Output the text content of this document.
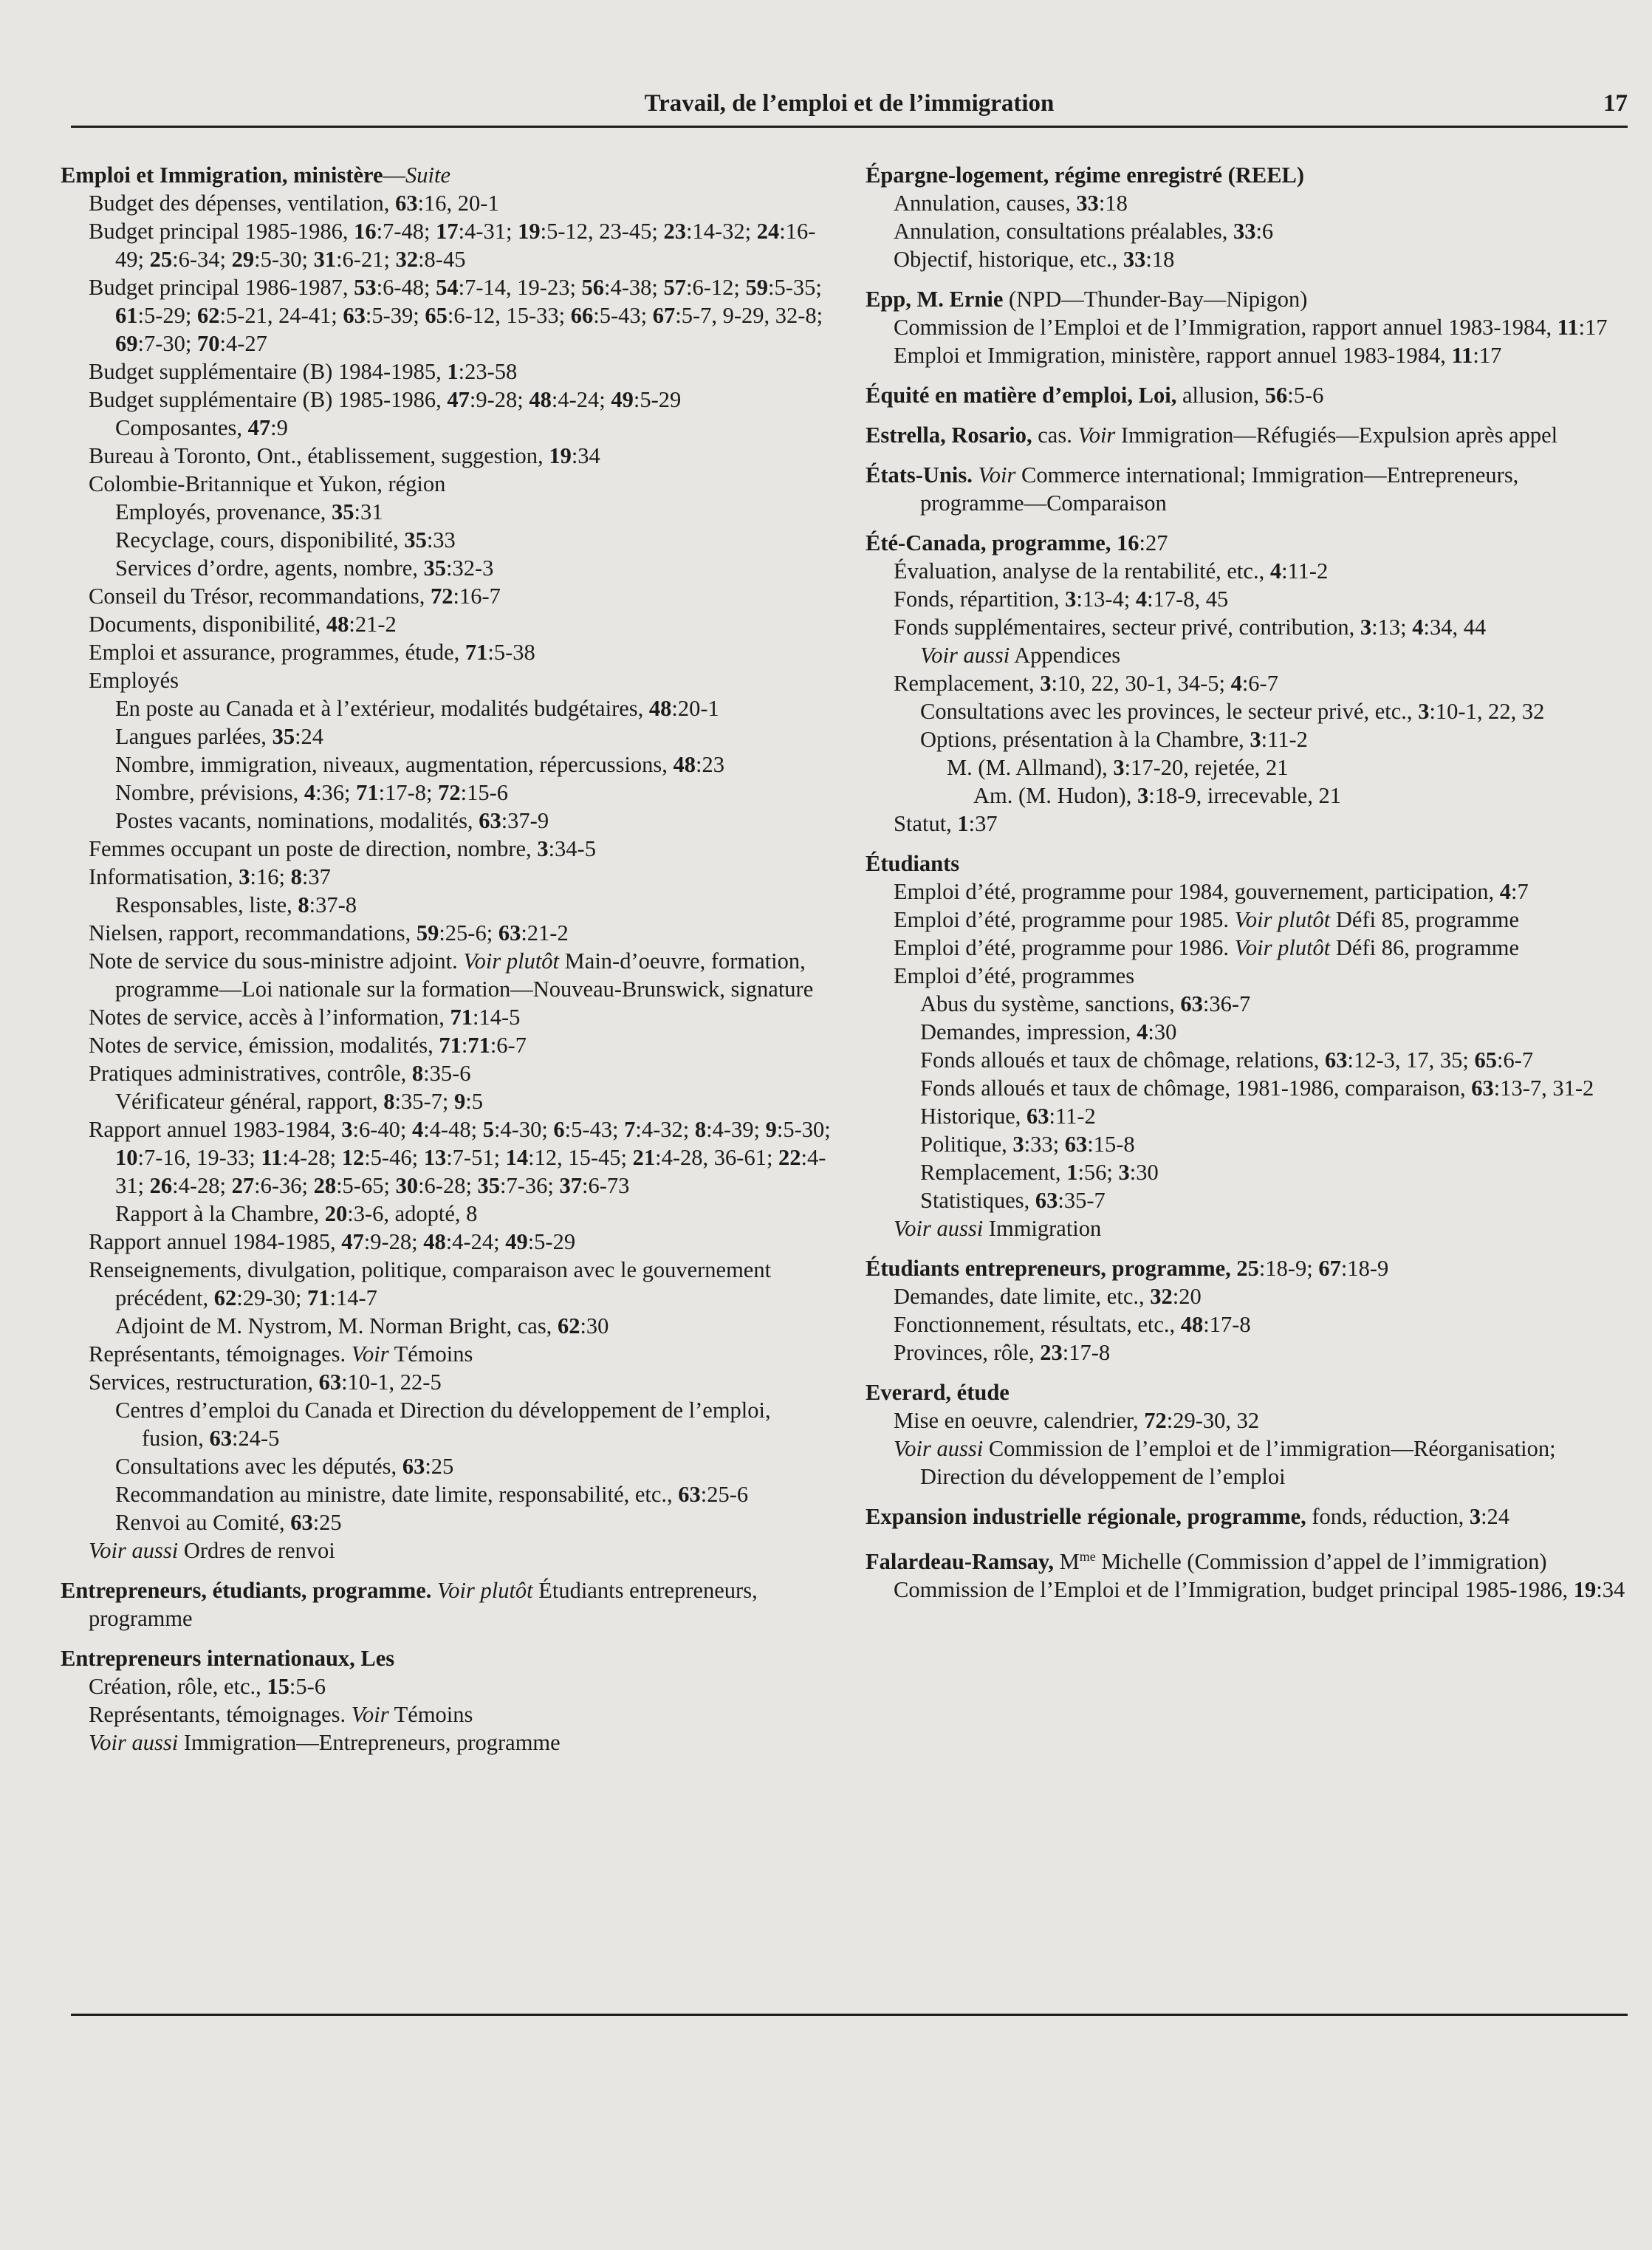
Travail, de l’emploi et de l’immigration	17

Emploi et Immigration, ministère—Suite

Budget des dépenses, ventilation, 63:16, 20-1

Budget principal 1985-1986, 16:7-48; 17:4-31; 19:5-12, 23-45; 23:14-32; 24:16-49; 25:6-34; 29:5-30; 31:6-21; 32:8-45

Budget principal 1986-1987, 53:6-48; 54:7-14, 19-23; 56:4-38; 57:6-12; 59:5-35; 61:5-29; 62:5-21, 24-41; 63:5-39; 65:6-12, 15-33; 66:5-43; 67:5-7, 9-29, 32-8; 69:7-30; 70:4-27

Budget supplémentaire (B) 1984-1985, 1:23-58

Budget supplémentaire (B) 1985-1986, 47:9-28; 48:4-24; 49:5-29

Composantes, 47:9

Bureau à Toronto, Ont., établissement, suggestion, 19:34

Colombie-Britannique et Yukon, région

Employés, provenance, 35:31

Recyclage, cours, disponibilité, 35:33

Services d’ordre, agents, nombre, 35:32-3

Conseil du Trésor, recommandations, 72:16-7

Documents, disponibilité, 48:21-2

Emploi et assurance, programmes, étude, 71:5-38

Employés

En poste au Canada et à l’extérieur, modalités budgétaires, 48:20-1

Langues parlées, 35:24

Nombre, immigration, niveaux, augmentation, répercussions, 48:23

Nombre, prévisions, 4:36; 71:17-8; 72:15-6

Postes vacants, nominations, modalités, 63:37-9

Femmes occupant un poste de direction, nombre, 3:34-5

Informatisation, 3:16; 8:37

Responsables, liste, 8:37-8

Nielsen, rapport, recommandations, 59:25-6; 63:21-2

Note de service du sous-ministre adjoint. Voir plutôt Main-d’oeuvre, formation, programme—Loi nationale sur la formation—Nouveau-Brunswick, signature

Notes de service, accès à l’information, 71:14-5

Notes de service, émission, modalités, 71:71:6-7

Pratiques administratives, contrôle, 8:35-6

Vérificateur général, rapport, 8:35-7; 9:5

Rapport annuel 1983-1984, 3:6-40; 4:4-48; 5:4-30; 6:5-43; 7:4-32; 8:4-39; 9:5-30; 10:7-16, 19-33; 11:4-28; 12:5-46; 13:7-51; 14:12, 15-45; 21:4-28, 36-61; 22:4-31; 26:4-28; 27:6-36; 28:5-65; 30:6-28; 35:7-36; 37:6-73

Rapport à la Chambre, 20:3-6, adopté, 8

Rapport annuel 1984-1985, 47:9-28; 48:4-24; 49:5-29

Renseignements, divulgation, politique, comparaison avec le gouvernement précédent, 62:29-30; 71:14-7

Adjoint de M. Nystrom, M. Norman Bright, cas, 62:30

Représentants, témoignages. Voir Témoins

Services, restructuration, 63:10-1, 22-5

Centres d’emploi du Canada et Direction du développement de l’emploi, fusion, 63:24-5

Consultations avec les députés, 63:25

Recommandation au ministre, date limite, responsabilité, etc., 63:25-6

Renvoi au Comité, 63:25

Voir aussi Ordres de renvoi

Entrepreneurs, étudiants, programme. Voir plutôt Étudiants entrepreneurs, programme

Entrepreneurs internationaux, Les

Création, rôle, etc., 15:5-6

Représentants, témoignages. Voir Témoins

Voir aussi Immigration—Entrepreneurs, programme

Épargne-logement, régime enregistré (REEL)

Annulation, causes, 33:18

Annulation, consultations préalables, 33:6

Objectif, historique, etc., 33:18

Epp, M. Ernie (NPD—Thunder-Bay—Nipigon)

Commission de l’Emploi et de l’Immigration, rapport annuel 1983-1984, 11:17

Emploi et Immigration, ministère, rapport annuel 1983-1984, 11:17

Équité en matière d’emploi, Loi, allusion, 56:5-6

Estrella, Rosario, cas. Voir Immigration—Réfugiés—Expulsion après appel

États-Unis. Voir Commerce international; Immigration—Entrepreneurs, programme—Comparaison

Été-Canada, programme, 16:27

Évaluation, analyse de la rentabilité, etc., 4:11-2

Fonds, répartition, 3:13-4; 4:17-8, 45

Fonds supplémentaires, secteur privé, contribution, 3:13; 4:34, 44

Voir aussi Appendices

Remplacement, 3:10, 22, 30-1, 34-5; 4:6-7

Consultations avec les provinces, le secteur privé, etc., 3:10-1, 22, 32

Options, présentation à la Chambre, 3:11-2

M. (M. Allmand), 3:17-20, rejetée, 21

Am. (M. Hudon), 3:18-9, irrecevable, 21

Statut, 1:37

Étudiants

Emploi d’été, programme pour 1984, gouvernement, participation, 4:7

Emploi d’été, programme pour 1985. Voir plutôt Défi 85, programme

Emploi d’été, programme pour 1986. Voir plutôt Défi 86, programme

Emploi d’été, programmes

Abus du système, sanctions, 63:36-7

Demandes, impression, 4:30

Fonds alloués et taux de chômage, relations, 63:12-3, 17, 35; 65:6-7

Fonds alloués et taux de chômage, 1981-1986, comparaison, 63:13-7, 31-2

Historique, 63:11-2

Politique, 3:33; 63:15-8

Remplacement, 1:56; 3:30

Statistiques, 63:35-7

Voir aussi Immigration

Étudiants entrepreneurs, programme, 25:18-9; 67:18-9

Demandes, date limite, etc., 32:20

Fonctionnement, résultats, etc., 48:17-8

Provinces, rôle, 23:17-8

Everard, étude

Mise en oeuvre, calendrier, 72:29-30, 32

Voir aussi Commission de l’emploi et de l’immigration—Réorganisation; Direction du développement de l’emploi

Expansion industrielle régionale, programme, fonds, réduction, 3:24

Falardeau-Ramsay, $M^{me}$ Michelle (Commission d’appel de l’immigration)

Commission de l’Emploi et de l’Immigration, budget principal 1985-1986, 19:34
